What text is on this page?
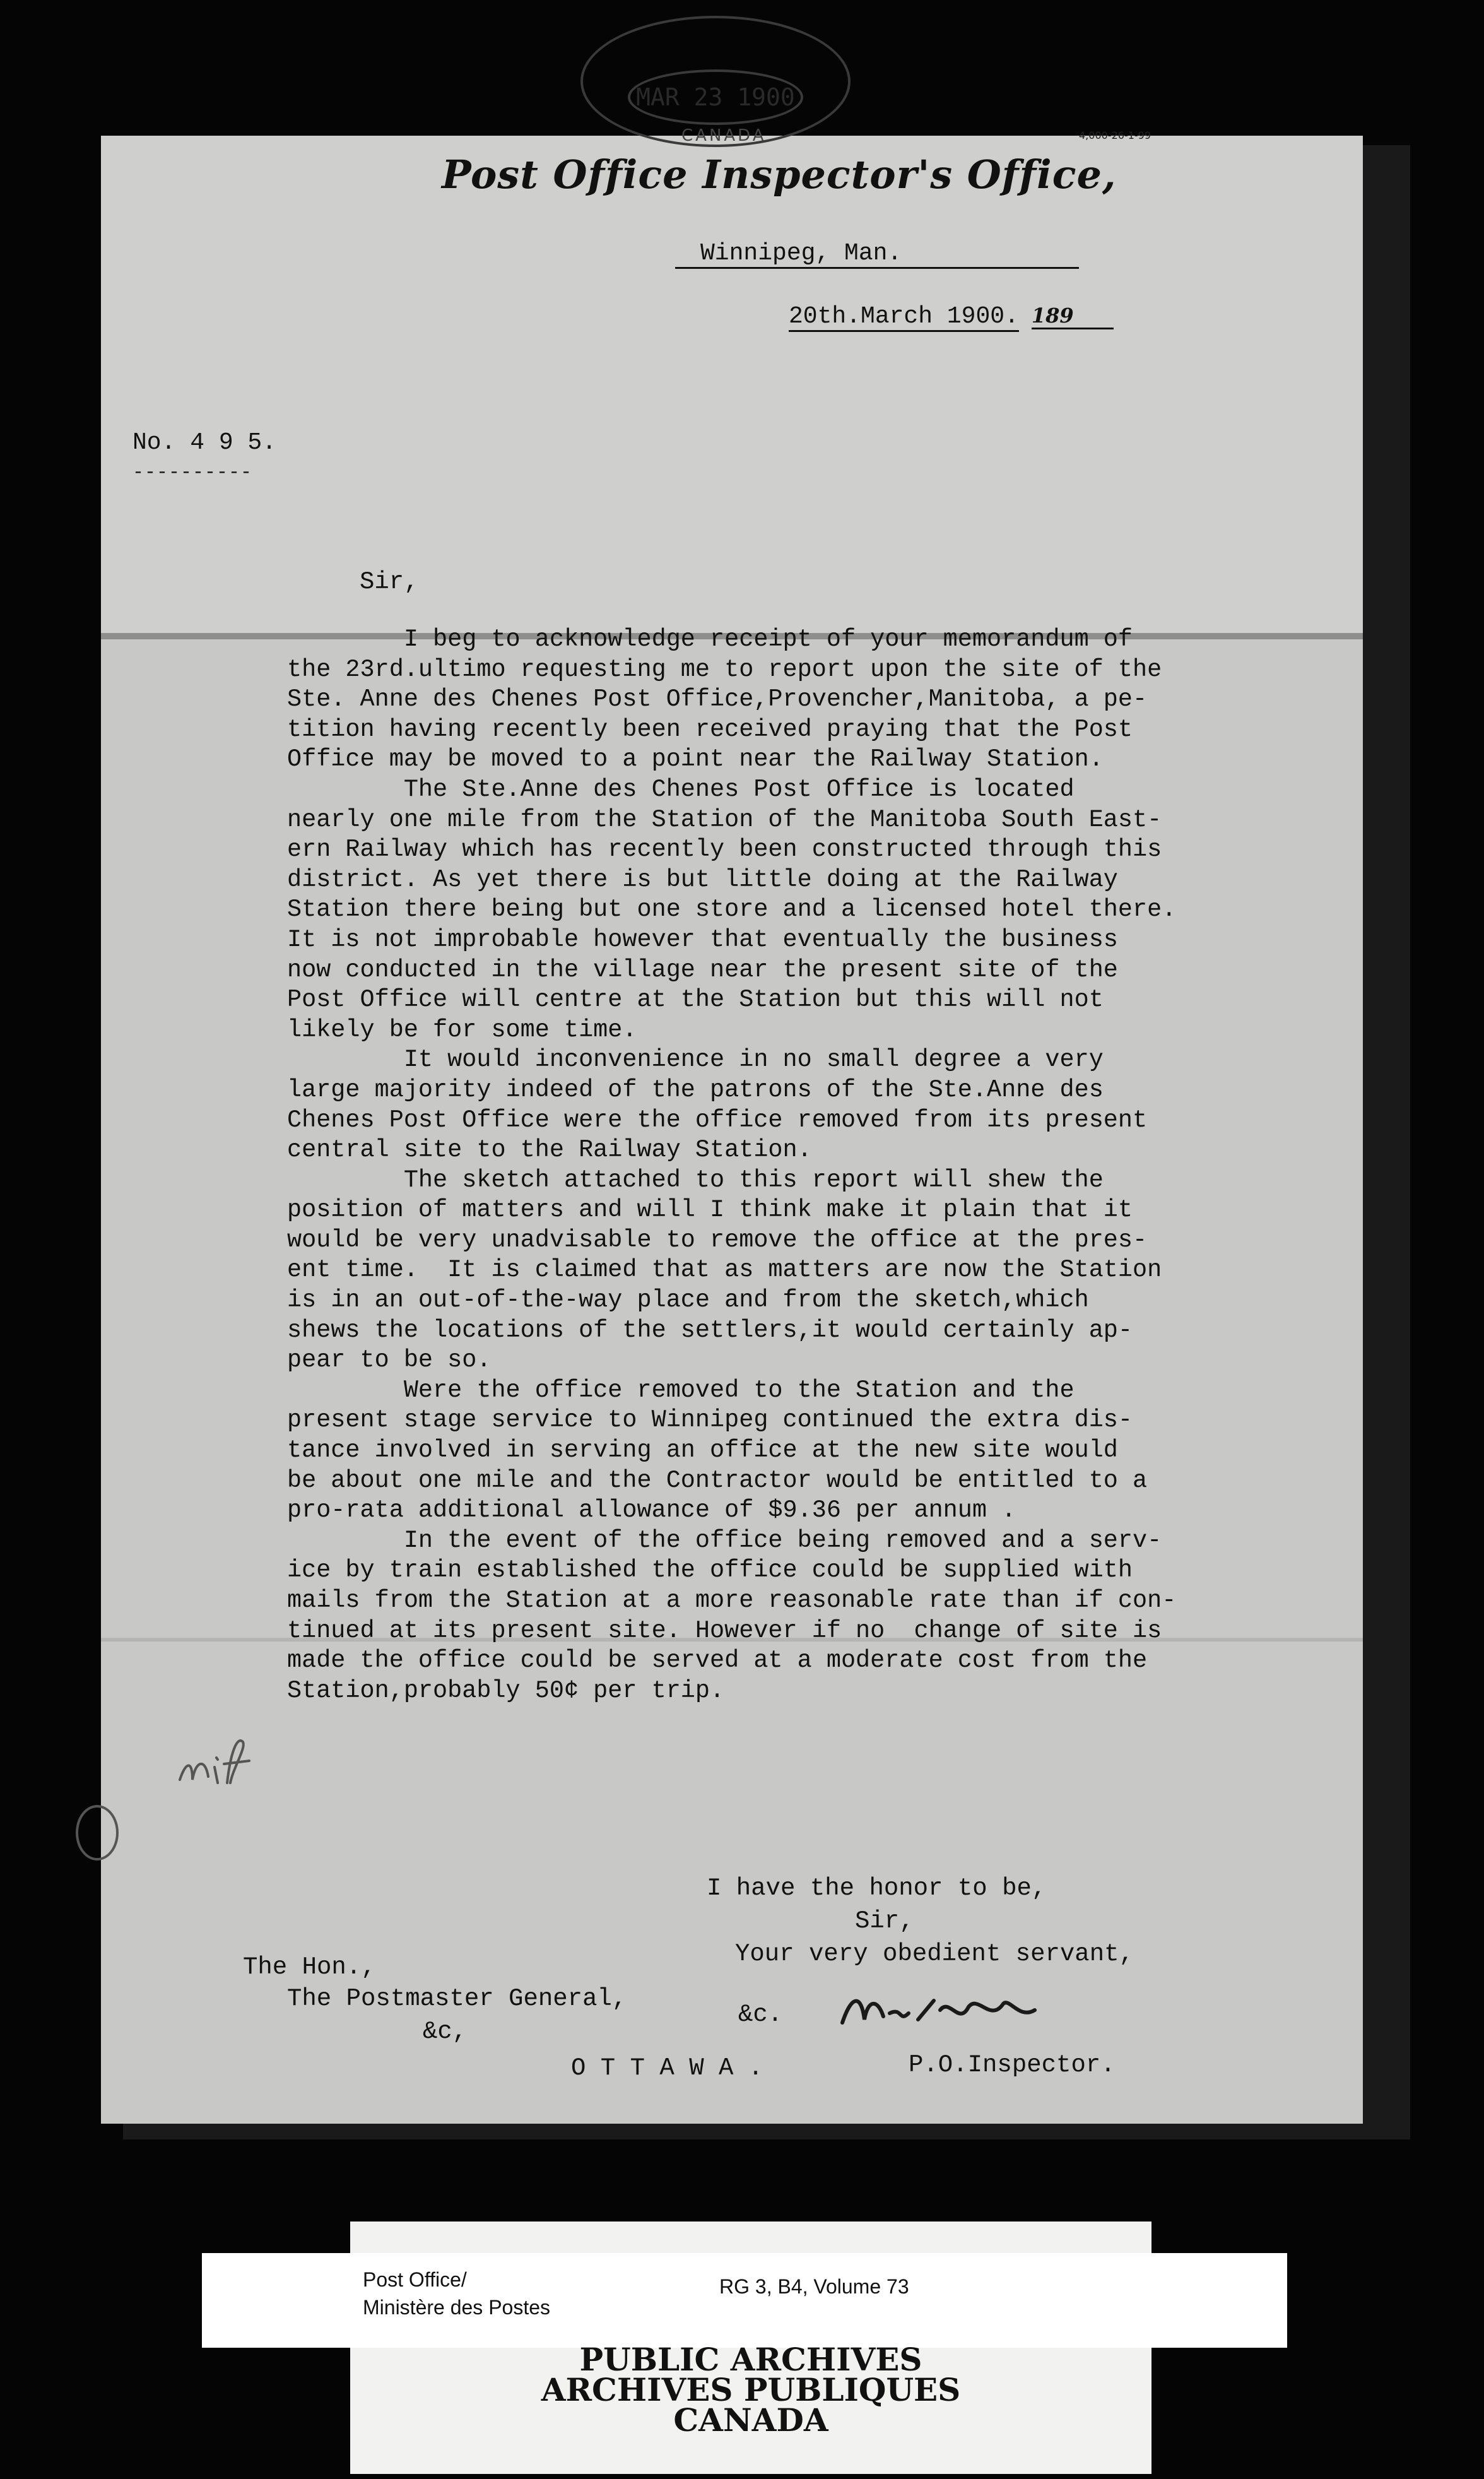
MAR 23 1900
CANADA	4,000-26-1-99
Post Office Inspector's Office,
Winnipeg, Man.
20th.March 1900. 189
No. 4 9 5.
----------
Sir,
I beg to acknowledge receipt of your memorandum of
the 23rd.ultimo requesting me to report upon the site of the
Ste. Anne des Chenes Post Office,Provencher,Manitoba, a pe-
tition having recently been received praying that the Post
Office may be moved to a point near the Railway Station.
The Ste.Anne des Chenes Post Office is located
nearly one mile from the Station of the Manitoba South East-
ern Railway which has recently been constructed through this
district. As yet there is but little doing at the Railway
Station there being but one store and a licensed hotel there.
It is not improbable however that eventually the business
now conducted in the village near the present site of the
Post Office will centre at the Station but this will not
likely be for some time.
It would inconvenience in no small degree a very
large majority indeed of the patrons of the Ste.Anne des
Chenes Post Office were the office removed from its present
central site to the Railway Station.
The sketch attached to this report will shew the
position of matters and will I think make it plain that it
would be very unadvisable to remove the office at the pres-
ent time.  It is claimed that as matters are now the Station
is in an out-of-the-way place and from the sketch,which
shews the locations of the settlers,it would certainly ap-
pear to be so.
Were the office removed to the Station and the
present stage service to Winnipeg continued the extra dis-
tance involved in serving an office at the new site would
be about one mile and the Contractor would be entitled to a
pro-rata additional allowance of $9.36 per annum .
In the event of the office being removed and a serv-
ice by train established the office could be supplied with
mails from the Station at a more reasonable rate than if con-
tinued at its present site. However if no  change of site is
made the office could be served at a moderate cost from the
Station,probably 50¢ per trip.
I have the honor to be,
Sir,
Your very obedient servant,
&c.
P.O.Inspector.
The Hon.,
The Postmaster General,
&c,
O T T A W A .
Post Office/
Ministère des Postes
RG 3, B4, Volume 73
PUBLIC ARCHIVES
ARCHIVES PUBLIQUES
CANADA
